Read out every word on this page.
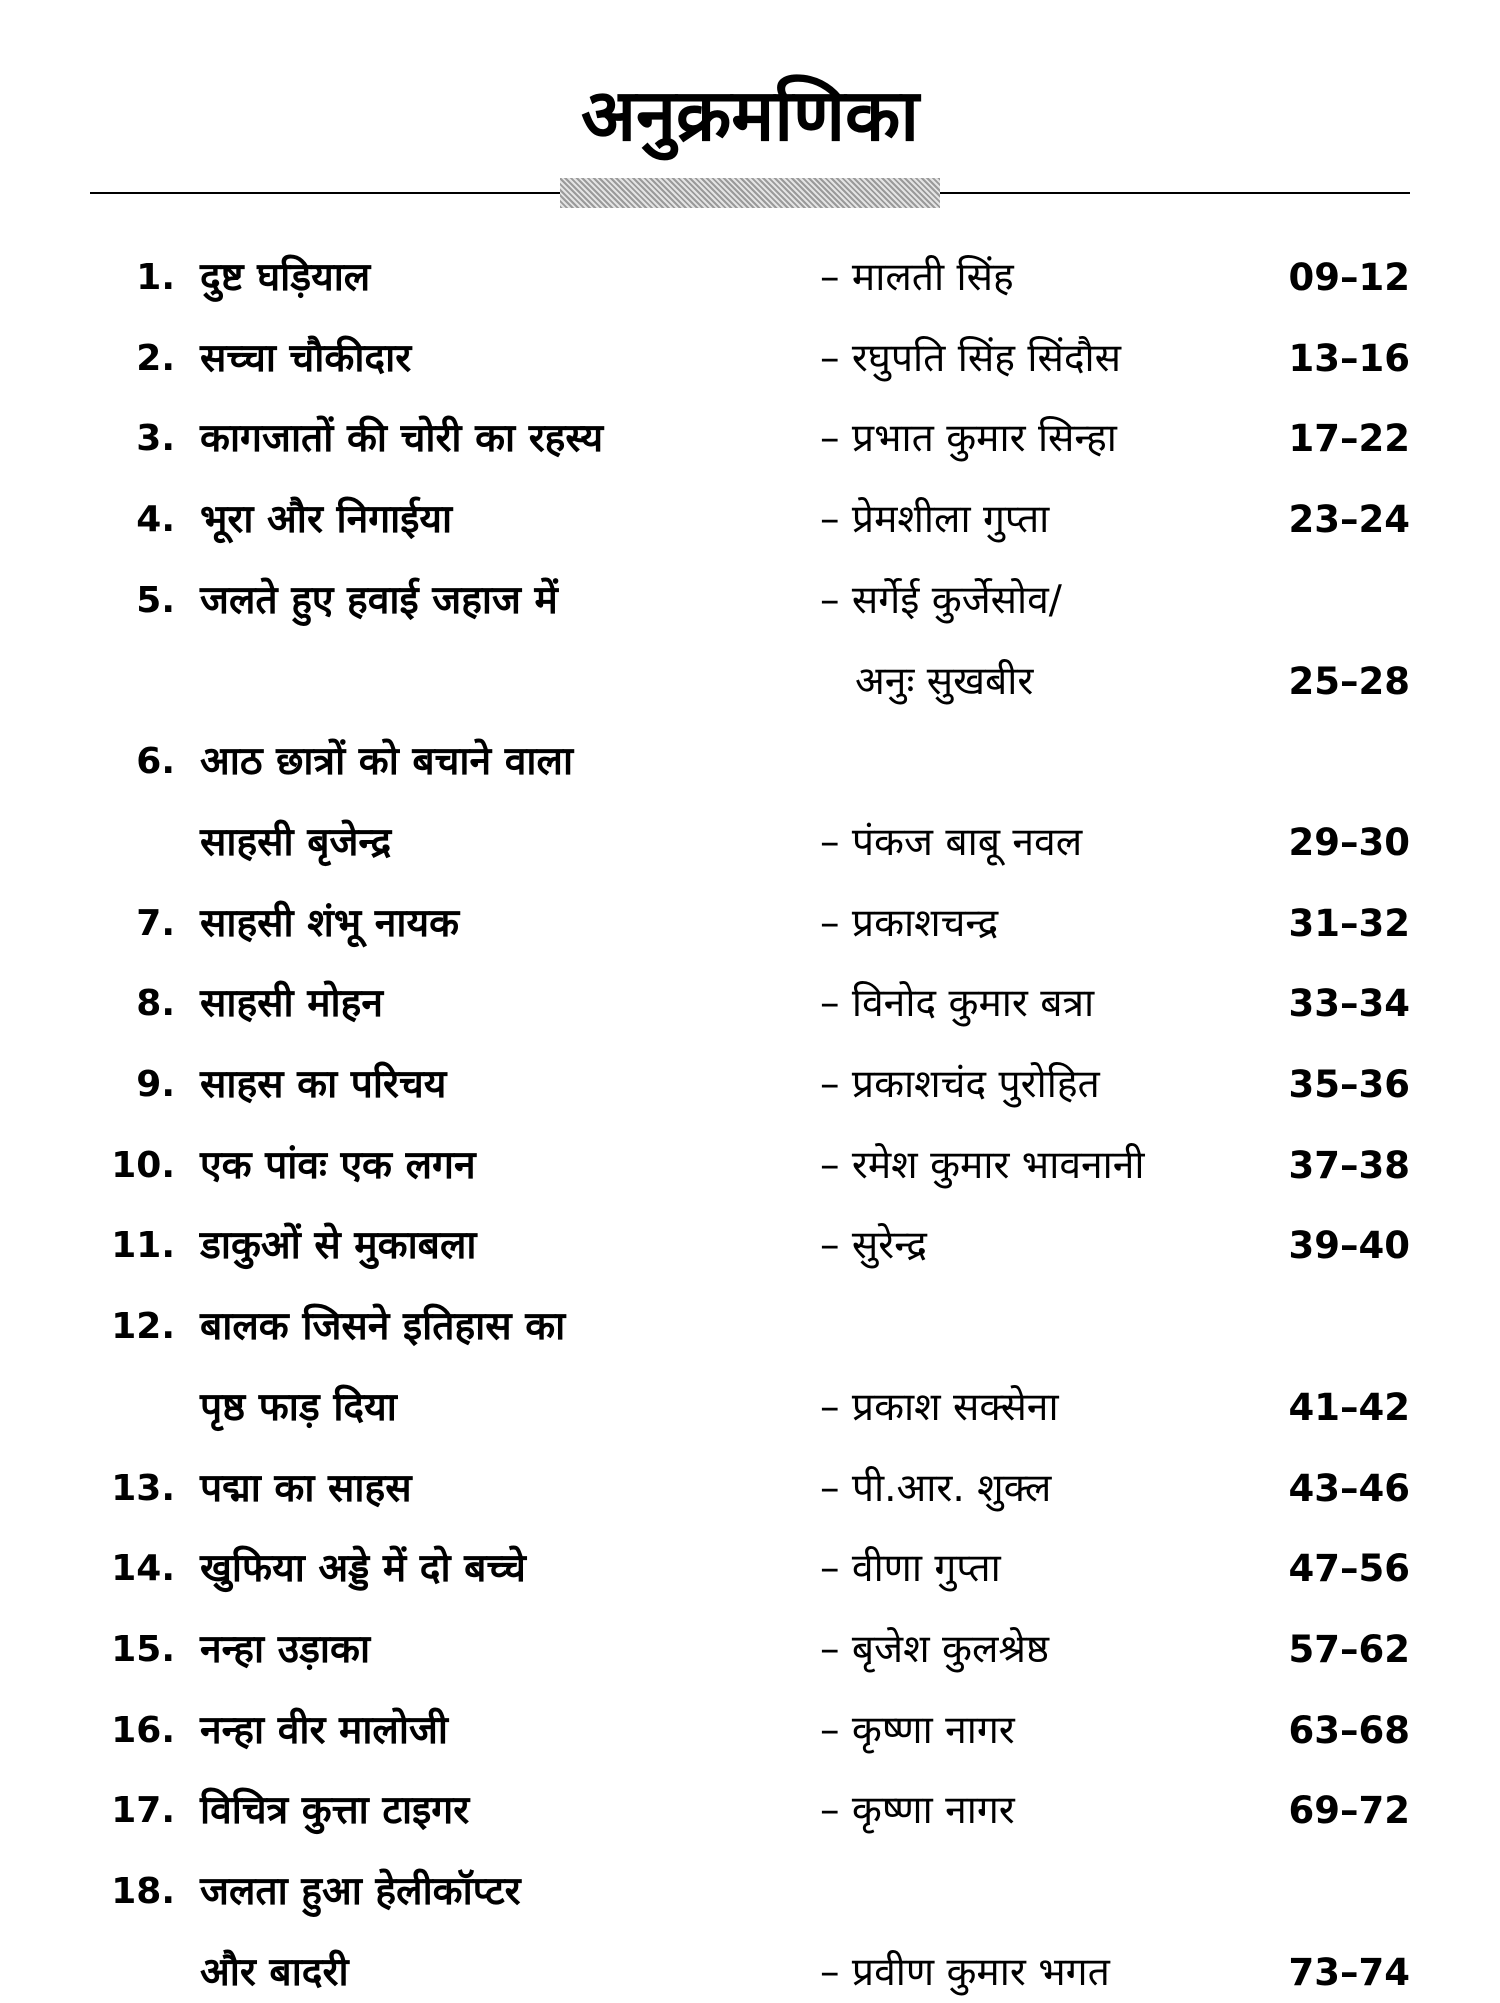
अनुक्रमणिका
1. दुष्ट घड़ियाल	– मालती सिंह	09–12
2. सच्चा चौकीदार	– रघुपति सिंह सिंदौस	13–16
3. कागजातों की चोरी का रहस्य	– प्रभात कुमार सिन्हा	17–22
4. भूरा और निगाईया	– प्रेमशीला गुप्ता	23–24
5. जलते हुए हवाई जहाज में	– सर्गेई कुर्जेसोव/
अनुः सुखबीर	25–28
6. आठ छात्रों को बचाने वाला
साहसी बृजेन्द्र	– पंकज बाबू नवल	29–30
7. साहसी शंभू नायक	– प्रकाशचन्द्र	31–32
8. साहसी मोहन	– विनोद कुमार बत्रा	33–34
9. साहस का परिचय	– प्रकाशचंद पुरोहित	35–36
10. एक पांवः एक लगन	– रमेश कुमार भावनानी	37–38
11. डाकुओं से मुकाबला	– सुरेन्द्र	39–40
12. बालक जिसने इतिहास का
पृष्ठ फाड़ दिया	– प्रकाश सक्सेना	41–42
13. पद्मा का साहस	– पी.आर. शुक्ल	43–46
14. खुफिया अड्डे में दो बच्चे	– वीणा गुप्ता	47–56
15. नन्हा उड़ाका	– बृजेश कुलश्रेष्ठ	57–62
16. नन्हा वीर मालोजी	– कृष्णा नागर	63–68
17. विचित्र कुत्ता टाइगर	– कृष्णा नागर	69–72
18. जलता हुआ हेलीकॉप्टर
और बादरी	– प्रवीण कुमार भगत	73–74
